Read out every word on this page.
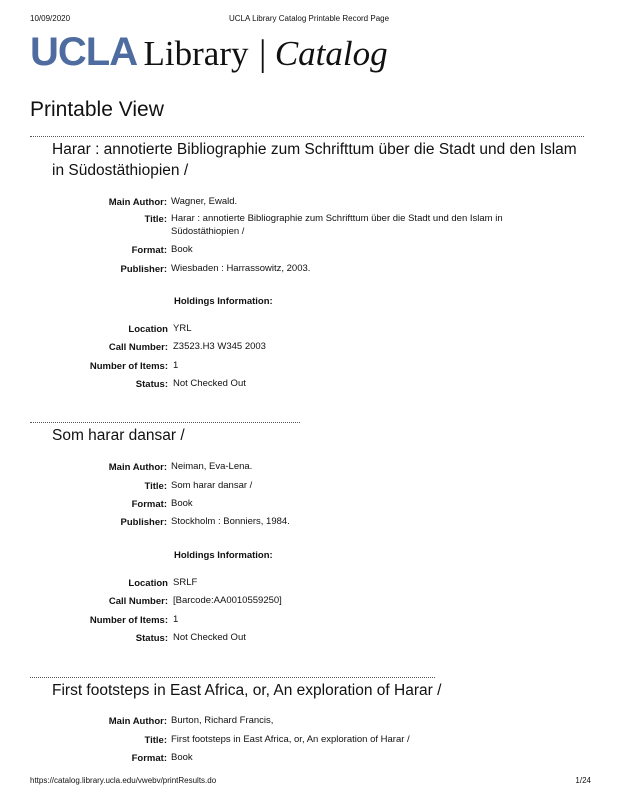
10/09/2020	UCLA Library Catalog Printable Record Page
UCLA Library | Catalog
Printable View
Harar : annotierte Bibliographie zum Schrifttum über die Stadt und den Islam in Südostäthiopien /
Main Author: Wagner, Ewald.
Title: Harar : annotierte Bibliographie zum Schrifttum über die Stadt und den Islam in Südostäthiopien /
Format: Book
Publisher: Wiesbaden : Harrassowitz, 2003.
Holdings Information:
Location YRL
Call Number: Z3523.H3 W345 2003
Number of Items: 1
Status: Not Checked Out
Som harar dansar /
Main Author: Neiman, Eva-Lena.
Title: Som harar dansar /
Format: Book
Publisher: Stockholm : Bonniers, 1984.
Holdings Information:
Location SRLF
Call Number: [Barcode:AA0010559250]
Number of Items: 1
Status: Not Checked Out
First footsteps in East Africa, or, An exploration of Harar /
Main Author: Burton, Richard Francis,
Title: First footsteps in East Africa, or, An exploration of Harar /
Format: Book
https://catalog.library.ucla.edu/vwebv/printResults.do	1/24
